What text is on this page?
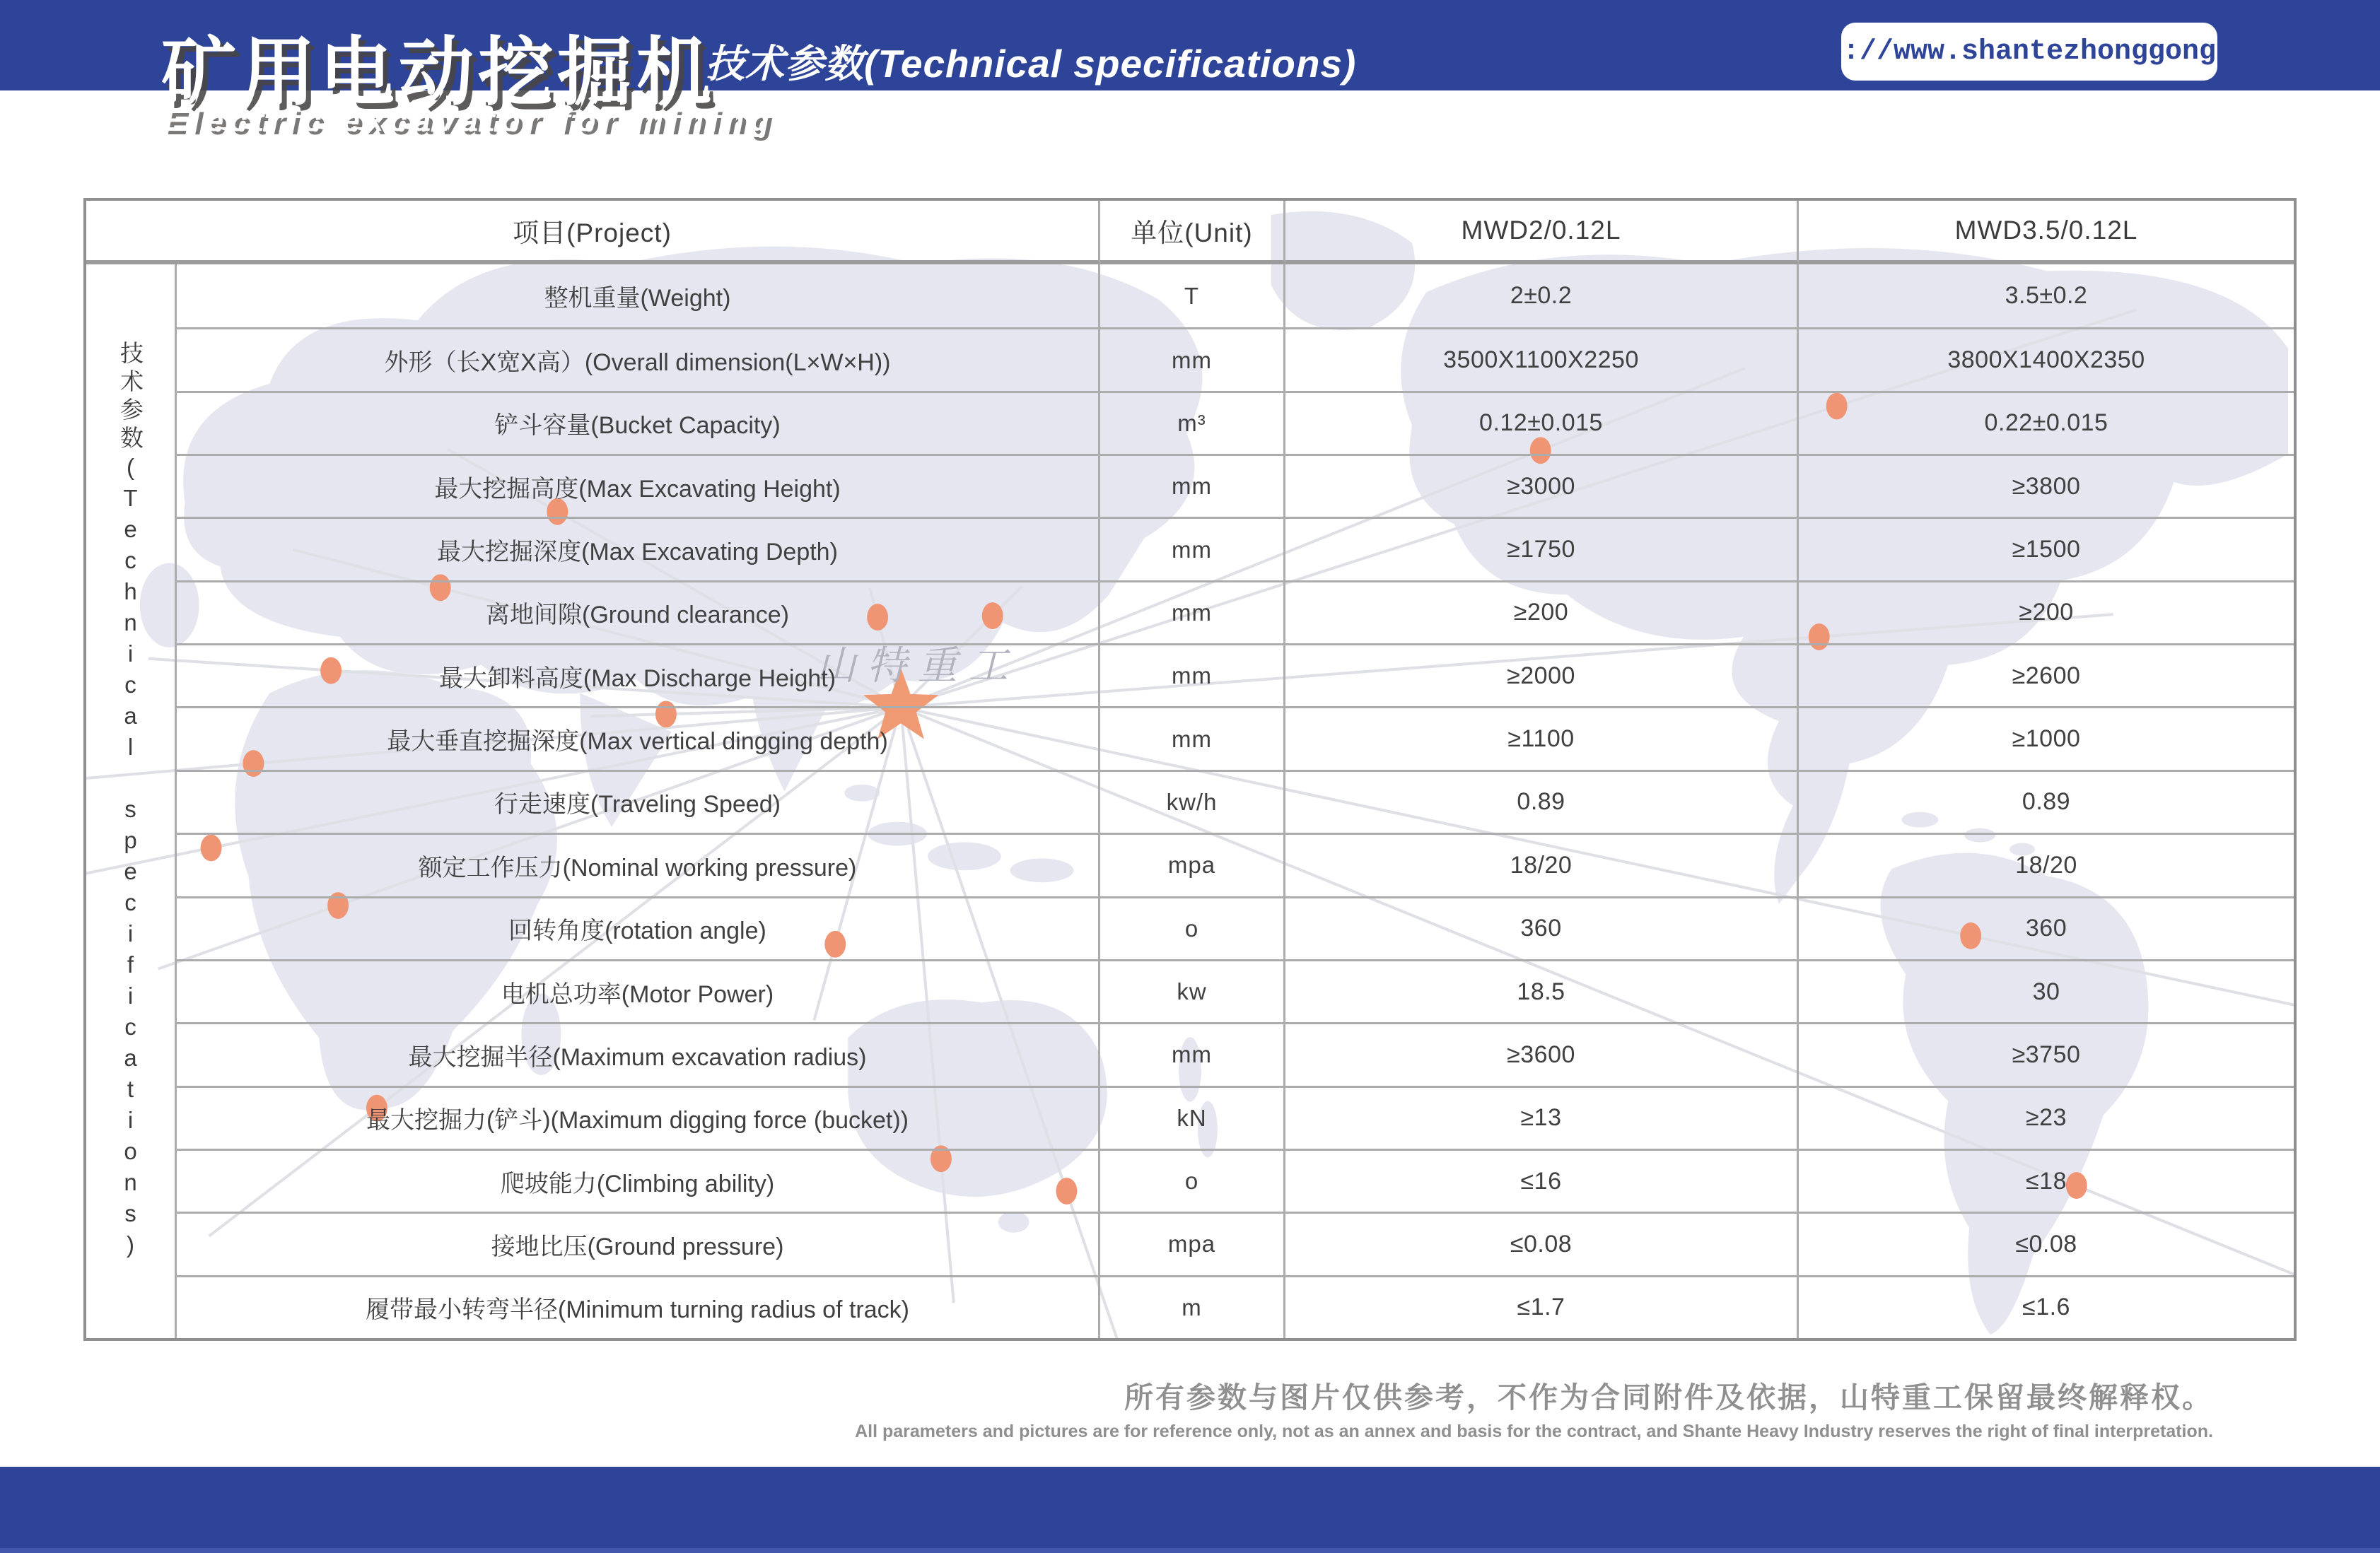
矿用电动挖掘机
Electric excavator for mining
技术参数(Technical specifications)	Http://www.shantezhonggong.com
山特重工
项目(Project)	单位(Unit)	MWD2/0.12L	MWD3.5/0.12L
技术参数(Technical specifications)
整机重量(Weight)	T	2±0.2	3.5±0.2
外形（长X宽X高）(Overall dimension(L×W×H))	mm	3500X1100X2250	3800X1400X2350
铲斗容量(Bucket Capacity)	m³	0.12±0.015	0.22±0.015
最大挖掘高度(Max Excavating Height)	mm	≥3000	≥3800
最大挖掘深度(Max Excavating Depth)	mm	≥1750	≥1500
离地间隙(Ground clearance)	mm	≥200	≥200
最大卸料高度(Max Discharge Height)	mm	≥2000	≥2600
最大垂直挖掘深度(Max vertical dingging depth)	mm	≥1100	≥1000
行走速度(Traveling Speed)	kw/h	0.89	0.89
额定工作压力(Nominal working pressure)	mpa	18/20	18/20
回转角度(rotation angle)	o	360	360
电机总功率(Motor Power)	kw	18.5	30
最大挖掘半径(Maximum excavation radius)	mm	≥3600	≥3750
最大挖掘力(铲斗)(Maximum digging force (bucket))	kN	≥13	≥23
爬坡能力(Climbing ability)	o	≤16	≤18
接地比压(Ground pressure)	mpa	≤0.08	≤0.08
履带最小转弯半径(Minimum turning radius of track)	m	≤1.7	≤1.6
所有参数与图片仅供参考，不作为合同附件及依据，山特重工保留最终解释权。
All parameters and pictures are for reference only, not as an annex and basis for the contract, and Shante Heavy Industry reserves the right of final interpretation.
